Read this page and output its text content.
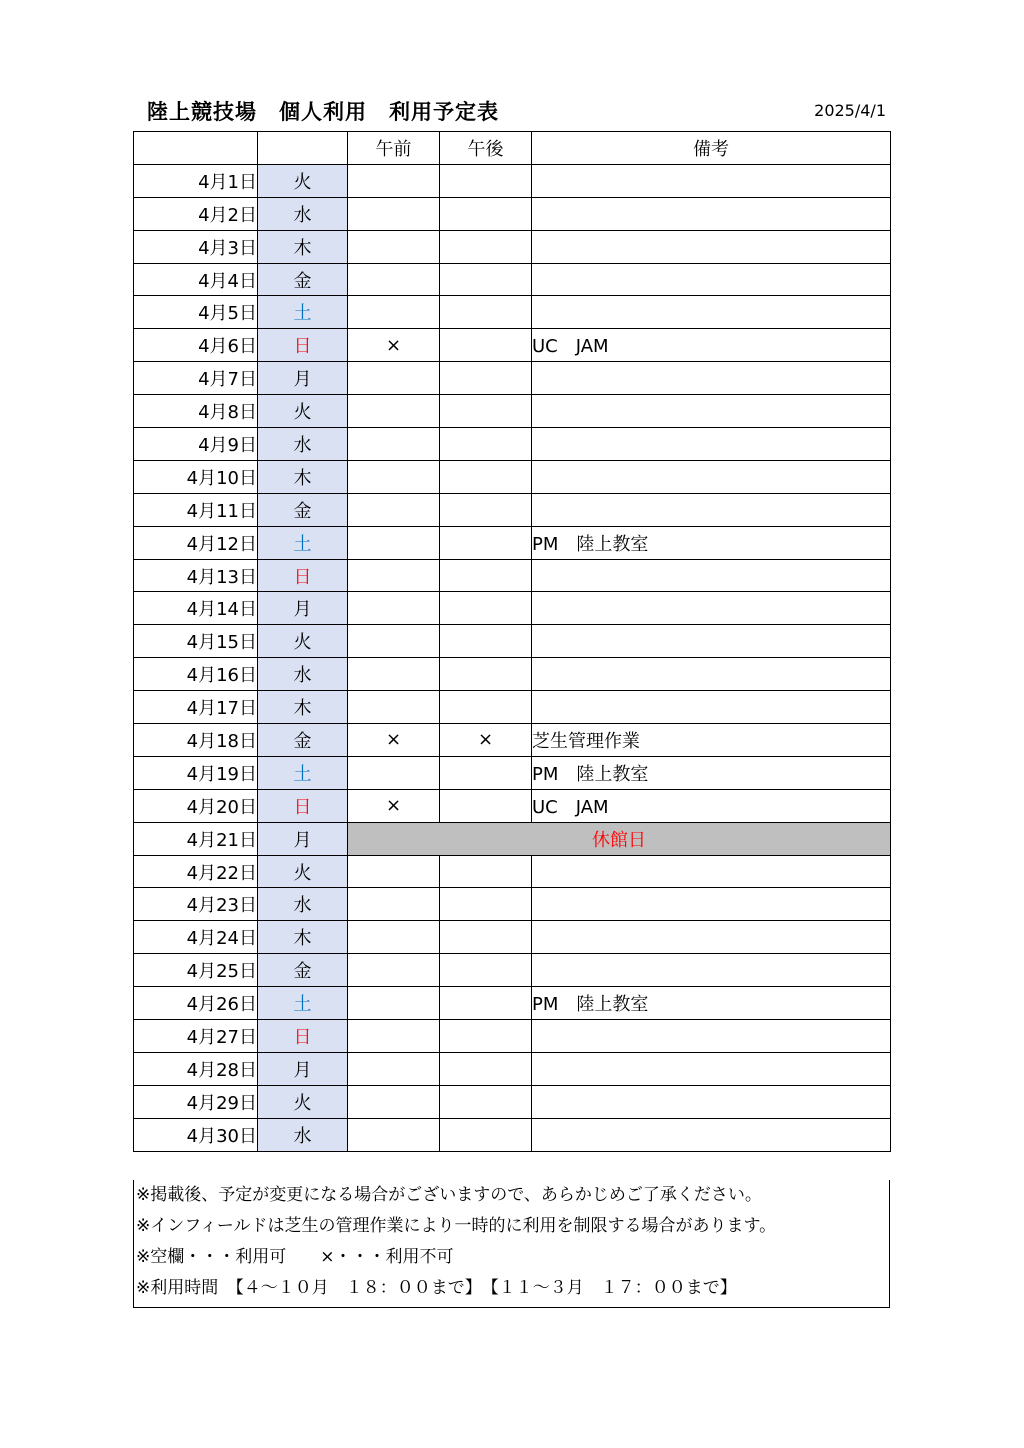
陸上競技場　個人利用　利用予定表	2025/4/1
		午前	午後	備考
4月1日	火			
4月2日	水			
4月3日	木			
4月4日	金			
4月5日	土			
4月6日	日	×		UC　JAM
4月7日	月			
4月8日	火			
4月9日	水			
4月10日	木			
4月11日	金			
4月12日	土			PM　陸上教室
4月13日	日			
4月14日	月			
4月15日	火			
4月16日	水			
4月17日	木			
4月18日	金	×	×	芝生管理作業
4月19日	土			PM　陸上教室
4月20日	日	×		UC　JAM
4月21日	月	休館日		
4月22日	火			
4月23日	水			
4月24日	木			
4月25日	金			
4月26日	土			PM　陸上教室
4月27日	日			
4月28日	月			
4月29日	火			
4月30日	水			
※掲載後、予定が変更になる場合がございますので、あらかじめご了承ください。
※インフィールドは芝生の管理作業により一時的に利用を制限する場合があります。
※空欄・・・利用可　　×・・・利用不可
※利用時間　【４～１０月　１８：００まで】　【１１～３月　１７：００まで】
